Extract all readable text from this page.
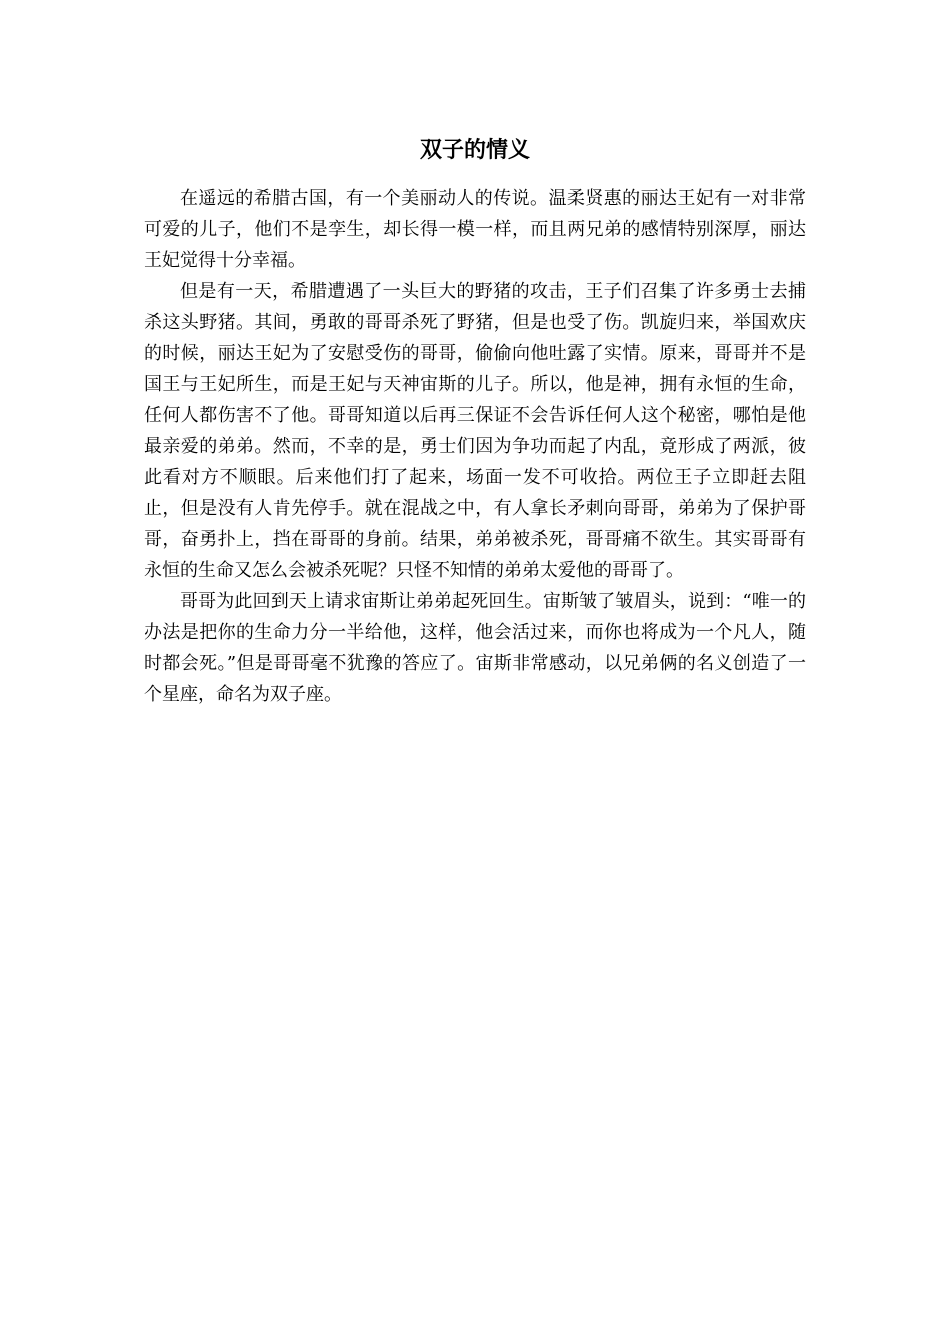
双子的情义

在遥远的希腊古国，有一个美丽动人的传说。温柔贤惠的丽达王妃有一对非常可爱的儿子，他们不是孪生，却长得一模一样，而且两兄弟的感情特别深厚，丽达王妃觉得十分幸福。

但是有一天，希腊遭遇了一头巨大的野猪的攻击，王子们召集了许多勇士去捕杀这头野猪。其间，勇敢的哥哥杀死了野猪，但是也受了伤。凯旋归来，举国欢庆的时候，丽达王妃为了安慰受伤的哥哥，偷偷向他吐露了实情。原来，哥哥并不是国王与王妃所生，而是王妃与天神宙斯的儿子。所以，他是神，拥有永恒的生命，任何人都伤害不了他。哥哥知道以后再三保证不会告诉任何人这个秘密，哪怕是他最亲爱的弟弟。然而，不幸的是，勇士们因为争功而起了内乱，竟形成了两派，彼此看对方不顺眼。后来他们打了起来，场面一发不可收拾。两位王子立即赶去阻止，但是没有人肯先停手。就在混战之中，有人拿长矛刺向哥哥，弟弟为了保护哥哥，奋勇扑上，挡在哥哥的身前。结果，弟弟被杀死，哥哥痛不欲生。其实哥哥有永恒的生命又怎么会被杀死呢？只怪不知情的弟弟太爱他的哥哥了。

哥哥为此回到天上请求宙斯让弟弟起死回生。宙斯皱了皱眉头，说到：“唯一的办法是把你的生命力分一半给他，这样，他会活过来，而你也将成为一个凡人，随时都会死。”但是哥哥毫不犹豫的答应了。宙斯非常感动，以兄弟俩的名义创造了一个星座，命名为双子座。
